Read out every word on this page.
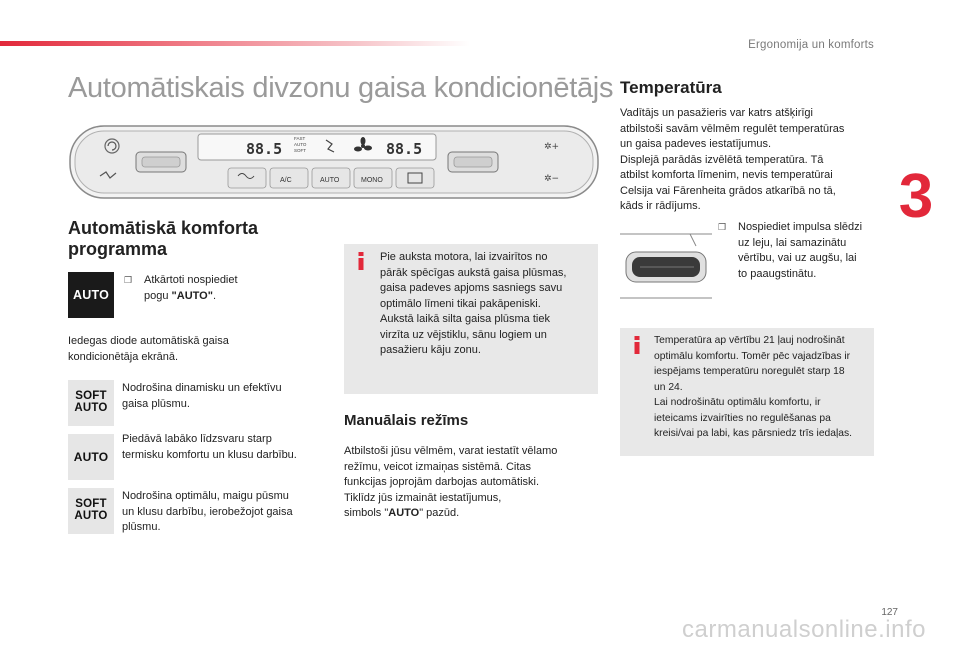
Ergonomija un komforts
3
Automātiskais divzonu gaisa kondicionētājs
88.5	88.5
FAST
AUTO
SOFT	✲+
✲−
A/C	AUTO	MONO
Automātiskā komforta
programma
AUTO
❒ Atkārtoti nospiediet
pogu "AUTO".
Iedegas diode automātiskā gaisa
kondicionētāja ekrānā.
SOFT
AUTO
Nodrošina dinamisku un efektīvu
gaisa plūsmu.
AUTO
Piedāvā labāko līdzsvaru starp
termisku komfortu un klusu darbību.
SOFT
AUTO
Nodrošina optimālu, maigu pūsmu
un klusu darbību, ierobežojot gaisa
plūsmu.
Pie auksta motora, lai izvairītos no
pārāk spēcīgas aukstā gaisa plūsmas,
gaisa padeves apjoms sasniegs savu
optimālo līmeni tikai pakāpeniski.
Aukstā laikā silta gaisa plūsma tiek
virzīta uz vējstiklu, sānu logiem un
pasažieru kāju zonu.
Manuālais režīms
Atbilstoši jūsu vēlmēm, varat iestatīt vēlamo
režīmu, veicot izmaiņas sistēmā. Citas
funkcijas joprojām darbojas automātiski.
Tiklīdz jūs izmaināt iestatījumus,
simbols "AUTO" pazūd.
Temperatūra
Vadītājs un pasažieris var katrs atšķirīgi
atbilstoši savām vēlmēm regulēt temperatūras
un gaisa padeves iestatījumus.
Displejā parādās izvēlētā temperatūra. Tā
atbilst komforta līmenim, nevis temperatūrai
Celsija vai Fārenheita grādos atkarībā no tā,
kāds ir rādījums.
❒ Nospiediet impulsa slēdzi
uz leju, lai samazinātu
vērtību, vai uz augšu, lai
to paaugstinātu.
Temperatūra ap vērtību 21 ļauj nodrošināt
optimālu komfortu. Tomēr pēc vajadzības ir
iespējams temperatūru noregulēt starp 18
un 24.
Lai nodrošinātu optimālu komfortu, ir
ieteicams izvairīties no regulēšanas pa
kreisi/vai pa labi, kas pārsniedz trīs iedaļas.
127
carmanualsonline.info
